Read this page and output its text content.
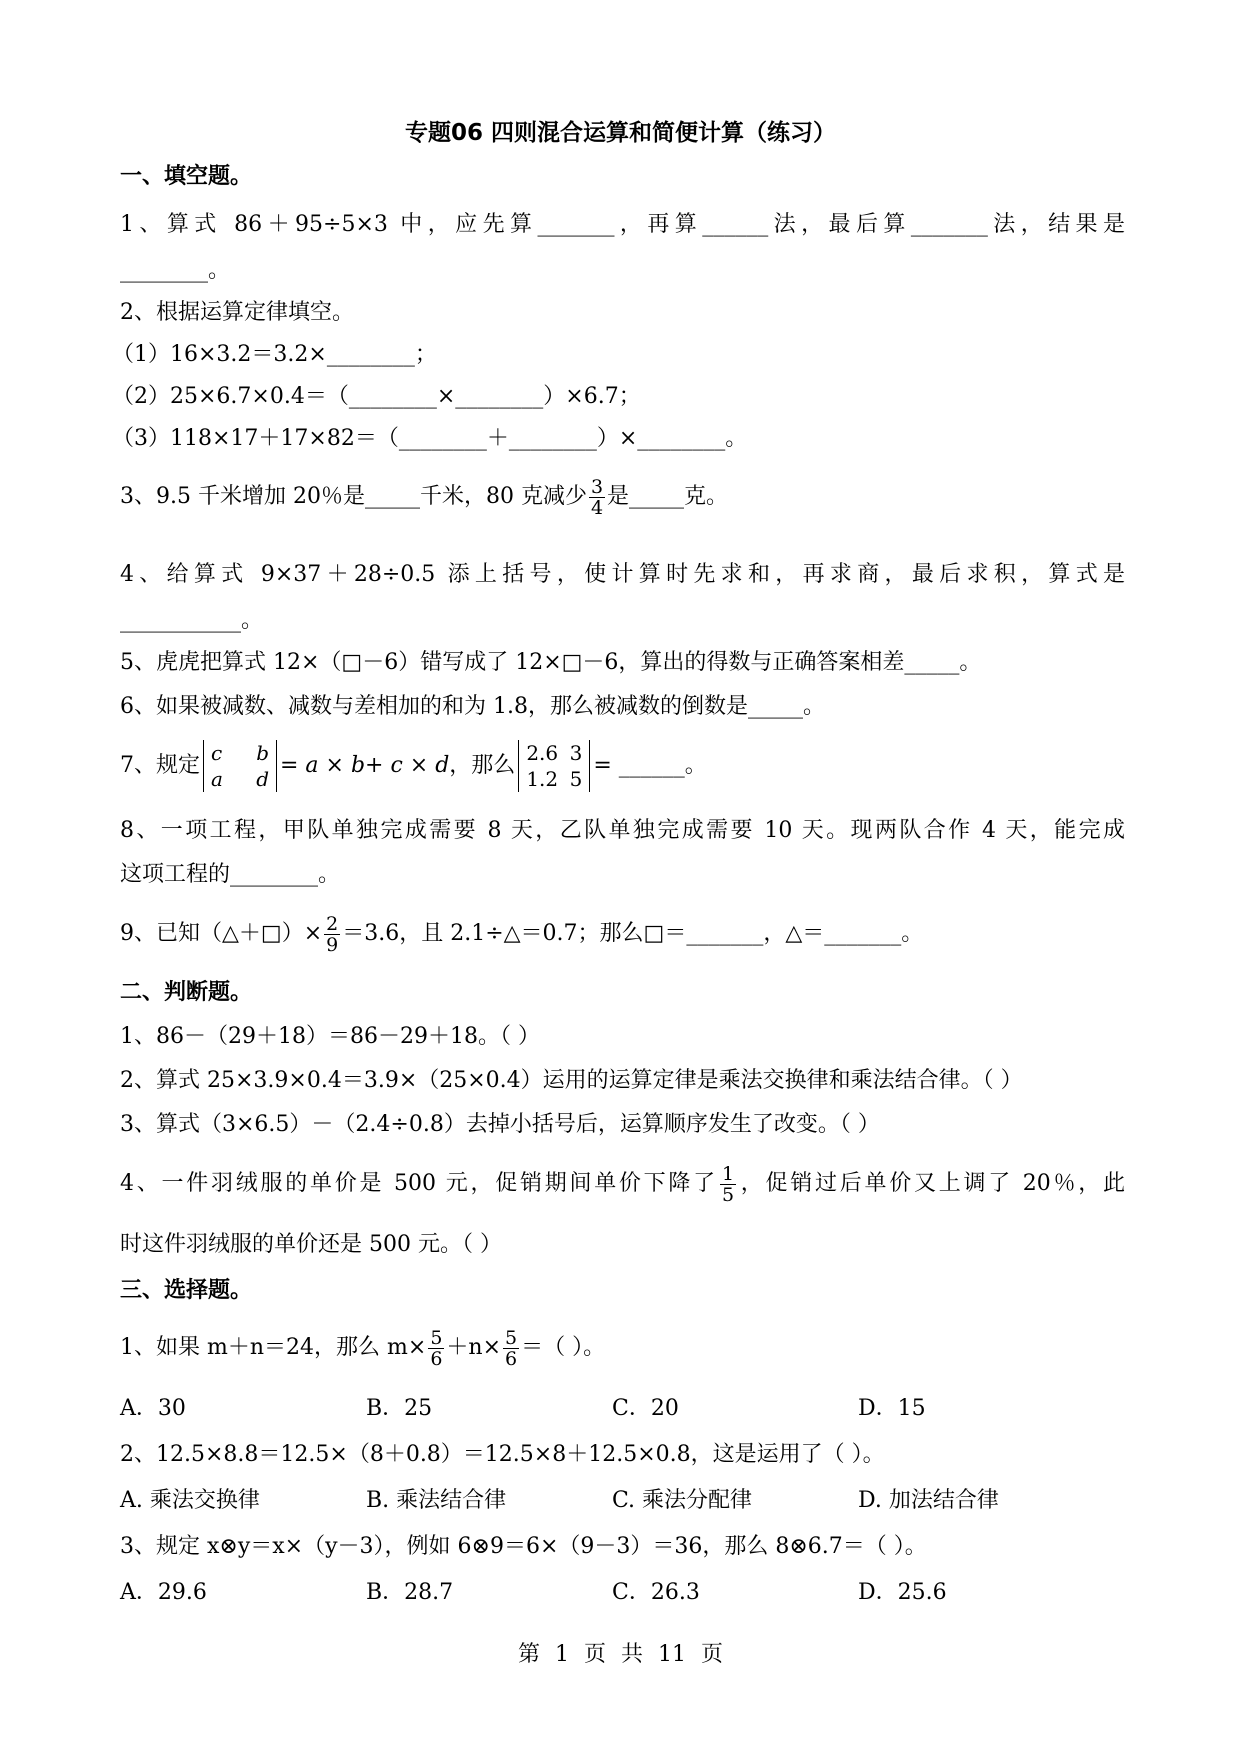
专题06 四则混合运算和简便计算（练习）
一、填空题。
1、算式 86＋95÷5×3 中，应先算_______，再算______法，最后算_______法，结果是
________。
2、根据运算定律填空。
（1）16×3.2＝3.2×________；
（2）25×6.7×0.4＝（________×________）×6.7；
（3）118×17＋17×82＝（________＋________）×________。
3、9.5 千米增加 20％是_____千米，80 克减少 $\frac{3}{4}$ 是_____克。
4、给算式 9×37＋28÷0.5 添上括号，使计算时先求和，再求商，最后求积，算式是
___________。
5、虎虎把算式 12×（□－6）错写成了 12×□－6，算出的得数与正确答案相差_____。
6、如果被减数、减数与差相加的和为 1.8，那么被减数的倒数是_____。
7、规定 c b
a d
= a × b+ c × d，那么 2.6 3
1.2 5
= ______。
8、一项工程，甲队单独完成需要 8 天，乙队单独完成需要 10 天。现两队合作 4 天，能完成
这项工程的________。
9、已知（△＋□）× $\frac{2}{9} =3.6$，且 2.1÷△＝0.7；那么□＝_______，△＝_______。
二、判断题。
1、86－（29＋18）＝86－29＋18。（ ）
2、算式 25×3.9×0.4＝3.9×（25×0.4）运用的运算定律是乘法交换律和乘法结合律。（ ）
3、算式（3×6.5）－（2.4÷0.8）去掉小括号后，运算顺序发生了改变。（ ）
4、一件羽绒服的单价是 500 元，促销期间单价下降了 $\frac{1}{5}$ ，促销过后单价又上调了 20％，此
时这件羽绒服的单价还是 500 元。（ ）
三、选择题。
1、如果 m＋n＝24，那么 $m\times \frac{5}{6} +n\times \frac{5}{6}$ ＝（ ）。
A．30	B．25	C．20	D．15
2、12.5×8.8＝12.5×（8＋0.8）＝12.5×8＋12.5×0.8，这是运用了（ ）。
A. 乘法交换律	B. 乘法结合律	C. 乘法分配律	D. 加法结合律
3、规定 x⊗y＝x×（y－3），例如 6⊗9＝6×（9－3）＝36，那么 8⊗6.7＝（ ）。
A．29.6	B．28.7	C．26.3	D．25.6
第 1 页 共 11 页
